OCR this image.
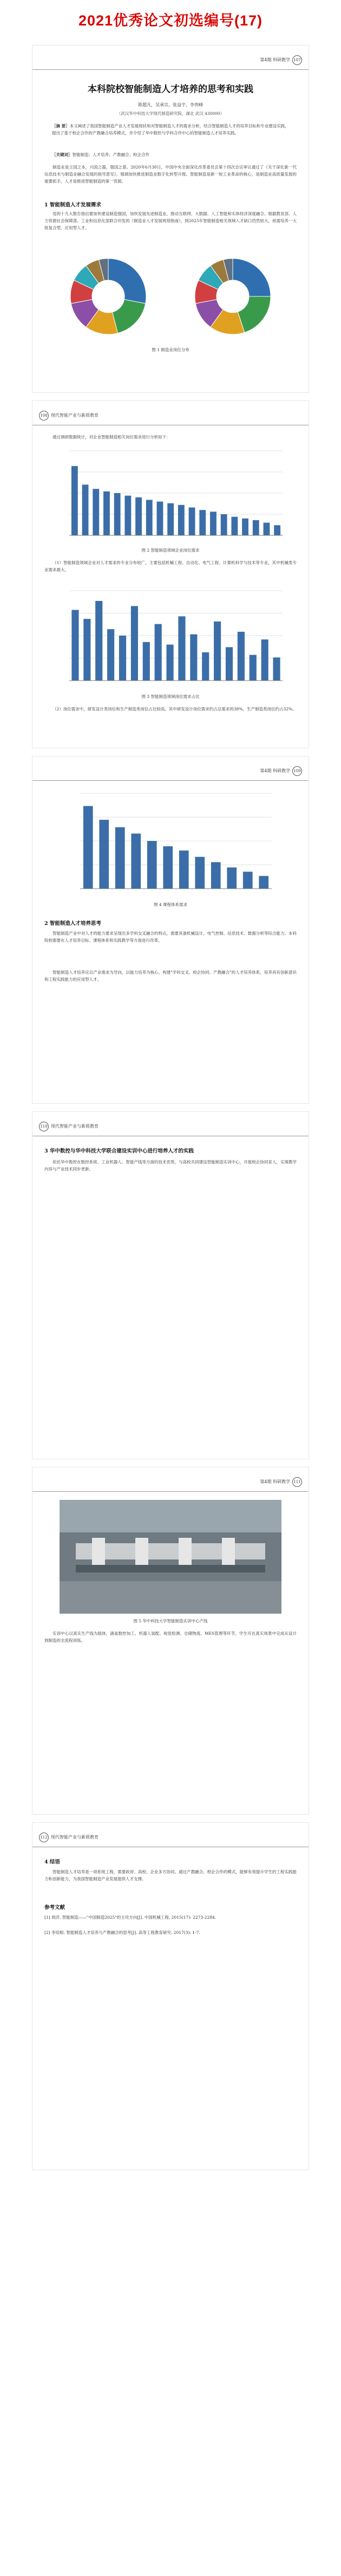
2021优秀论文初选编号(17)
第4期 科研教学 107
本科院校智能制造人才培养的思考和实践
陈超凡，吴承宗，张益宇，李贵峰
（武汉华中科技大学现代制造研究院，湖北 武汉 430000）
［摘 要］本文阐述了我国智能制造产业人才发展现状和对智能制造人才的需求分析，结合智能制造人才的培养目标和专业建设实践，提出了基于校企合作的产教融合培养模式，并介绍了华中数控与学科合作中心的智能制造人才培养实践。
［关键词］智能制造；人才培养；产教融合；校企合作
制造业是立国之本，兴国之器，强国之基。2020年6月30日，中国中央全面深化改革委员会第十四次会议审议通过了《关于深化新一代信息技术与制造业融合发展的指导意见》，强调加快推进制造业数字化转型升级。智能制造是新一轮工业革命的核心，是制造业高质量发展的重要抓手，人才是推进智能制造的第一资源。
1 智能制造人才发展需求
党的十九大报告指出要加快建设制造强国，加快发展先进制造业，推动互联网、大数据、人工智能和实体经济深度融合。根据教育部、人力资源社会保障部、工业和信息化部联合印发的《制造业人才发展规划指南》，到2025年智能制造相关领域人才缺口仍然较大，亟需培养一大批复合型、应用型人才。
图 1 制造业岗位分布
108 现代智能产业与新质教育
通过调研数据统计，对企业智能制造相关岗位需求进行分析如下：
图 2 智能制造领域企业岗位需求
（1）智能制造领域企业对人才需求的专业分布较广，主要包括机械工程、自动化、电气工程、计算机科学与技术等专业，其中机械类专业需求最大。
图 3 智能制造领域岗位需求占比
（2）岗位需求中，研发设计类岗位和生产制造类岗位占比较高，其中研发设计岗位需求约占总需求的38%，生产制造类岗位约占32%。
第4期 科研教学 109
图 4 课程体系需求
2 智能制造人才培养思考
智能制造产业中对人才的能力要求呈现出多学科交叉融合的特点，需要具备机械设计、电气控制、信息技术、数据分析等综合能力。本科院校需要在人才培养目标、课程体系和实践教学等方面进行改革。
智能制造人才培养应以产业需求为导向，以能力培养为核心，构建"学科交叉、校企协同、产教融合"的人才培养体系，培养具有创新意识和工程实践能力的应用型人才。
110 现代智能产业与新质教育
3 华中数控与华中科技大学联合建设实训中心进行培养人才的实践
依托华中数控在数控系统、工业机器人、智能产线等方面的技术优势，与高校共同建设智能制造实训中心，开展校企协同育人，实现教学内容与产业技术同步更新。
第4期 科研教学 111
图 5 华中科技大学智能制造实训中心产线
实训中心以真实生产线为载体，涵盖数控加工、机器人装配、视觉检测、仓储物流、MES管理等环节，学生可在真实场景中完成从设计到制造的全流程训练。
112 现代智能产业与新质教育
4 结语
智能制造人才培养是一项系统工程，需要政府、高校、企业多方协同。通过产教融合、校企合作的模式，能够有效提升学生的工程实践能力和创新能力，为我国智能制造产业发展提供人才支撑。
参考文献
[1] 周济. 智能制造——"中国制造2025"的主攻方向[J]. 中国机械工程, 2015(17): 2273-2284.
[2] 李培根. 智能制造人才培养与产教融合的思考[J]. 高等工程教育研究, 2017(3): 1-7.
